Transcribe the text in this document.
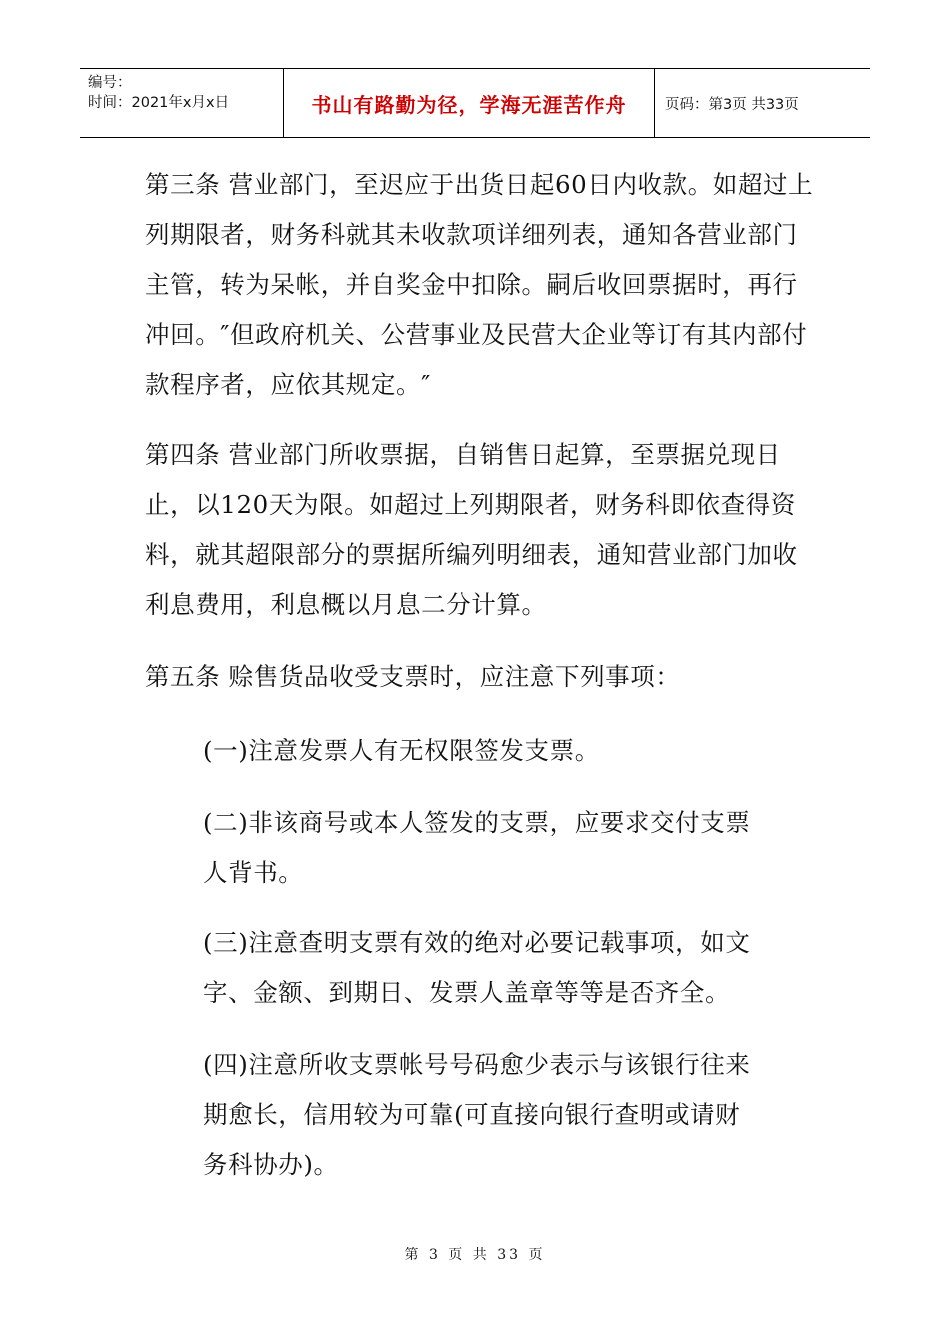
编号：
时间：2021年x月x日	书山有路勤为径，学海无涯苦作舟	页码：第3页 共33页

第三条 营业部门，至迟应于出货日起60日内收款。如超过上列期限者，财务科就其未收款项详细列表，通知各营业部门主管，转为呆帐，并自奖金中扣除。嗣后收回票据时，再行冲回。″但政府机关、公营事业及民营大企业等订有其内部付款程序者，应依其规定。″

第四条 营业部门所收票据，自销售日起算，至票据兑现日止，以120天为限。如超过上列期限者，财务科即依查得资料，就其超限部分的票据所编列明细表，通知营业部门加收利息费用，利息概以月息二分计算。

第五条 赊售货品收受支票时，应注意下列事项：

(一)注意发票人有无权限签发支票。

(二)非该商号或本人签发的支票，应要求交付支票人背书。

(三)注意查明支票有效的绝对必要记载事项，如文字、金额、到期日、发票人盖章等等是否齐全。

(四)注意所收支票帐号号码愈少表示与该银行往来期愈长，信用较为可靠(可直接向银行查明或请财务科协办)。

第 3 页 共 33 页
